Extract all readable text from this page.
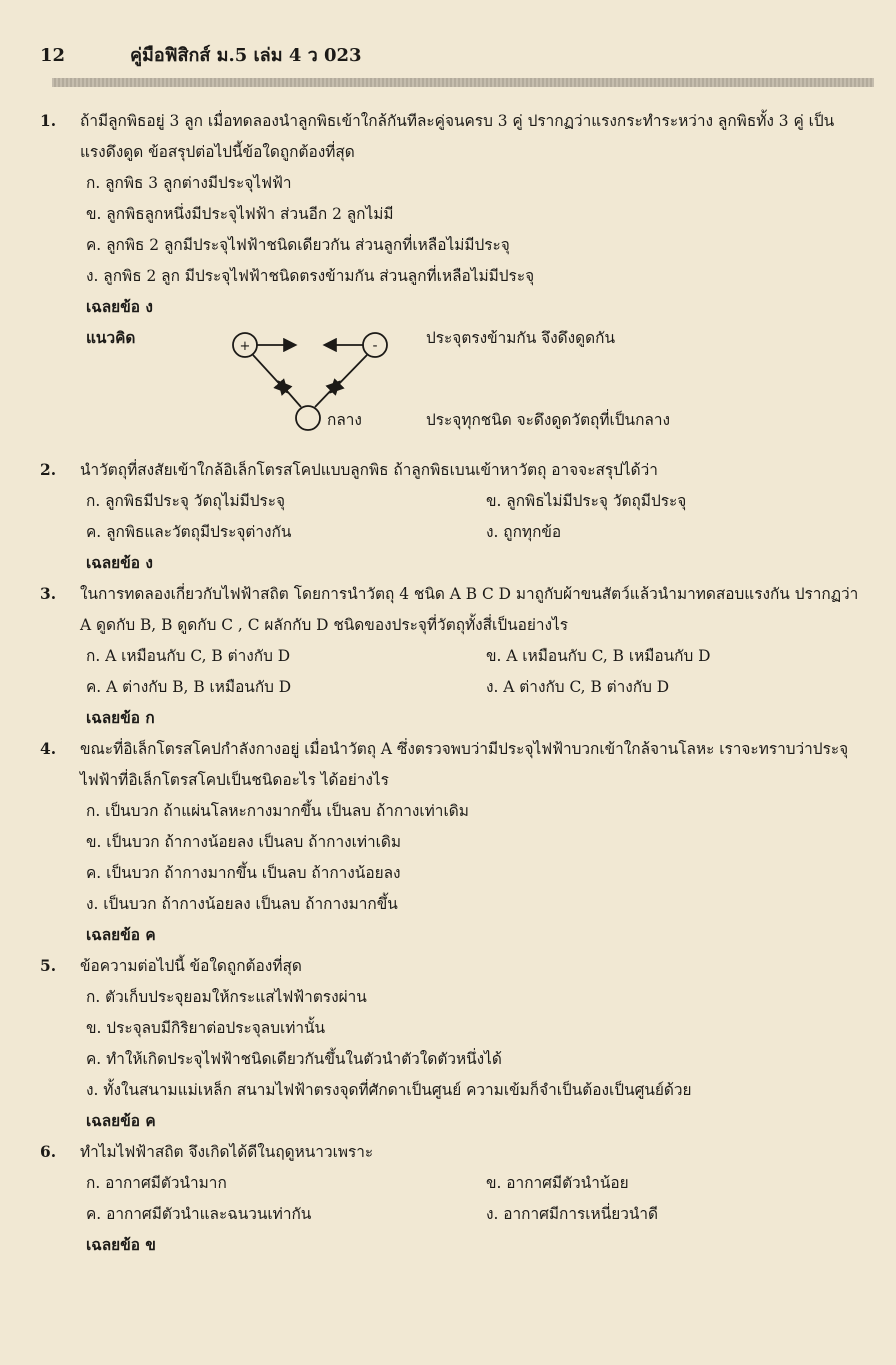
12	คู่มือฟิสิกส์ ม.5 เล่ม 4 ว 023
1. ถ้ามีลูกพิธอยู่ 3 ลูก เมื่อทดลองนำลูกพิธเข้าใกล้กันทีละคู่จนครบ 3 คู่ ปรากฏว่าแรงกระทำระหว่าง ลูกพิธทั้ง 3 คู่ เป็นแรงดึงดูด ข้อสรุปต่อไปนี้ข้อใดถูกต้องที่สุด
ก. ลูกพิธ 3 ลูกต่างมีประจุไฟฟ้า
ข. ลูกพิธลูกหนึ่งมีประจุไฟฟ้า ส่วนอีก 2 ลูกไม่มี
ค. ลูกพิธ 2 ลูกมีประจุไฟฟ้าชนิดเดียวกัน ส่วนลูกที่เหลือไม่มีประจุ
ง. ลูกพิธ 2 ลูก มีประจุไฟฟ้าชนิดตรงข้ามกัน ส่วนลูกที่เหลือไม่มีประจุ
เฉลยข้อ ง
แนวคิด	+	-
กลาง
ประจุตรงข้ามกัน จึงดึงดูดกัน
ประจุทุกชนิด จะดึงดูดวัตถุที่เป็นกลาง
2. นำวัตถุที่สงสัยเข้าใกล้อิเล็กโตรสโคปแบบลูกพิธ ถ้าลูกพิธเบนเข้าหาวัตถุ อาจจะสรุปได้ว่า
ก. ลูกพิธมีประจุ วัตถุไม่มีประจุ	ข. ลูกพิธไม่มีประจุ วัตถุมีประจุ
ค. ลูกพิธและวัตถุมีประจุต่างกัน	ง. ถูกทุกข้อ
เฉลยข้อ ง
3. ในการทดลองเกี่ยวกับไฟฟ้าสถิต โดยการนำวัตถุ 4 ชนิด A B C D มาถูกับผ้าขนสัตว์แล้วนำมาทดสอบแรงกัน ปรากฏว่า A ดูดกับ B, B ดูดกับ C , C ผลักกับ D ชนิดของประจุที่วัตถุทั้งสี่เป็นอย่างไร
ก. A เหมือนกับ C, B ต่างกับ D	ข. A เหมือนกับ C, B เหมือนกับ D
ค. A ต่างกับ B, B เหมือนกับ D	ง. A ต่างกับ C, B ต่างกับ D
เฉลยข้อ ก
4. ขณะที่อิเล็กโตรสโคปกำลังกางอยู่ เมื่อนำวัตถุ A ซึ่งตรวจพบว่ามีประจุไฟฟ้าบวกเข้าใกล้จานโลหะ เราจะทราบว่าประจุไฟฟ้าที่อิเล็กโตรสโคปเป็นชนิดอะไร ได้อย่างไร
ก. เป็นบวก ถ้าแผ่นโลหะกางมากขึ้น เป็นลบ ถ้ากางเท่าเดิม
ข. เป็นบวก ถ้ากางน้อยลง เป็นลบ ถ้ากางเท่าเดิม
ค. เป็นบวก ถ้ากางมากขึ้น เป็นลบ ถ้ากางน้อยลง
ง. เป็นบวก ถ้ากางน้อยลง เป็นลบ ถ้ากางมากขึ้น
เฉลยข้อ ค
5. ข้อความต่อไปนี้ ข้อใดถูกต้องที่สุด
ก. ตัวเก็บประจุยอมให้กระแสไฟฟ้าตรงผ่าน
ข. ประจุลบมีกิริยาต่อประจุลบเท่านั้น
ค. ทำให้เกิดประจุไฟฟ้าชนิดเดียวกันขึ้นในตัวนำตัวใดตัวหนึ่งได้
ง. ทั้งในสนามแม่เหล็ก สนามไฟฟ้าตรงจุดที่ศักดาเป็นศูนย์ ความเข้มก็จำเป็นต้องเป็นศูนย์ด้วย
เฉลยข้อ ค
6. ทำไมไฟฟ้าสถิต จึงเกิดได้ดีในฤดูหนาวเพราะ
ก. อากาศมีตัวนำมาก	ข. อากาศมีตัวนำน้อย
ค. อากาศมีตัวนำและฉนวนเท่ากัน	ง. อากาศมีการเหนี่ยวนำดี
เฉลยข้อ ข
